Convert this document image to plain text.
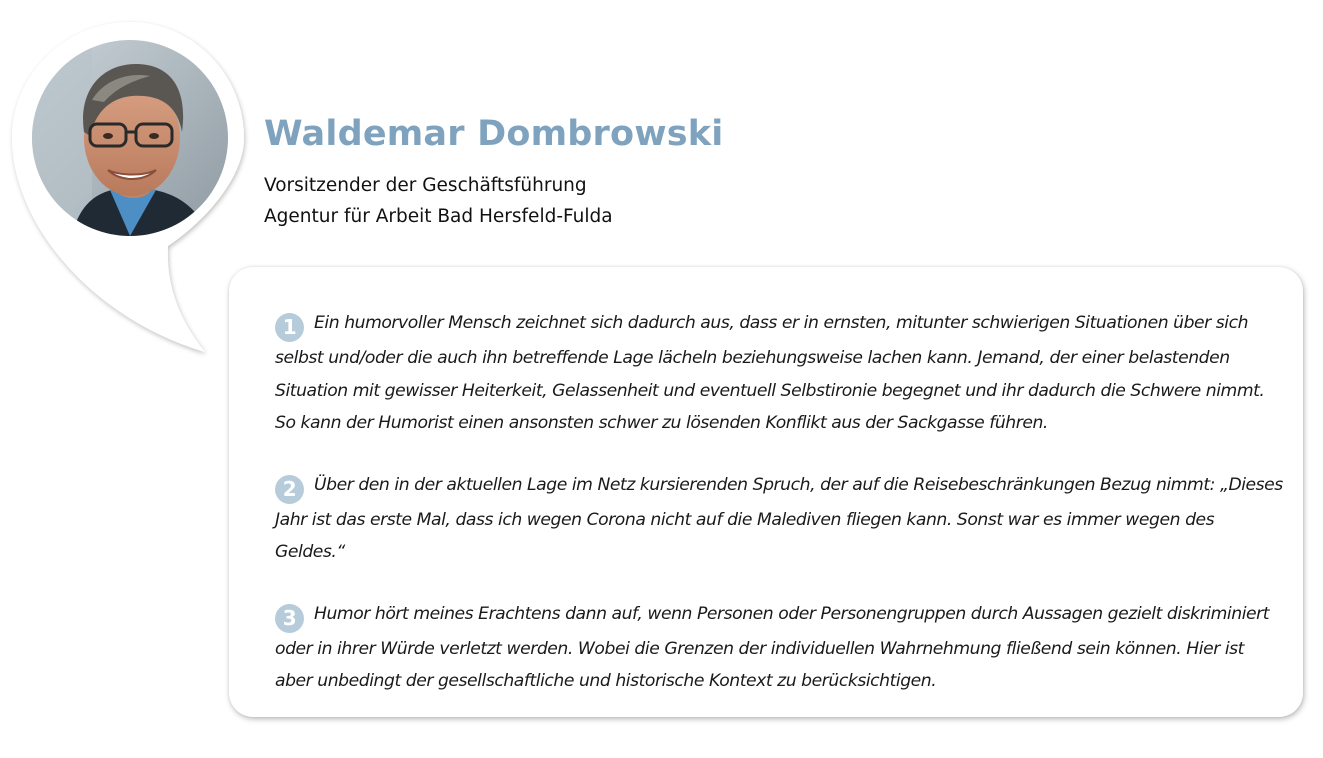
Waldemar Dombrowski
Vorsitzender der Geschäftsführung
Agentur für Arbeit Bad Hersfeld-Fulda

1 Ein humorvoller Mensch zeichnet sich dadurch aus, dass er in ernsten, mitunter schwierigen Situationen über sich selbst und/oder die auch ihn betreffende Lage lächeln beziehungsweise lachen kann. Jemand, der einer belastenden Situation mit gewisser Heiterkeit, Gelassenheit und eventuell Selbstironie begegnet und ihr dadurch die Schwere nimmt. So kann der Humorist einen ansonsten schwer zu lösenden Konflikt aus der Sackgasse führen.

2 Über den in der aktuellen Lage im Netz kursierenden Spruch, der auf die Reisebeschränkungen Bezug nimmt: „Dieses Jahr ist das erste Mal, dass ich wegen Corona nicht auf die Malediven fliegen kann. Sonst war es immer wegen des Geldes.“

3 Humor hört meines Erachtens dann auf, wenn Personen oder Personengruppen durch Aussagen gezielt diskriminiert oder in ihrer Würde verletzt werden. Wobei die Grenzen der individuellen Wahrnehmung fließend sein können. Hier ist aber unbedingt der gesellschaftliche und historische Kontext zu berücksichtigen.
